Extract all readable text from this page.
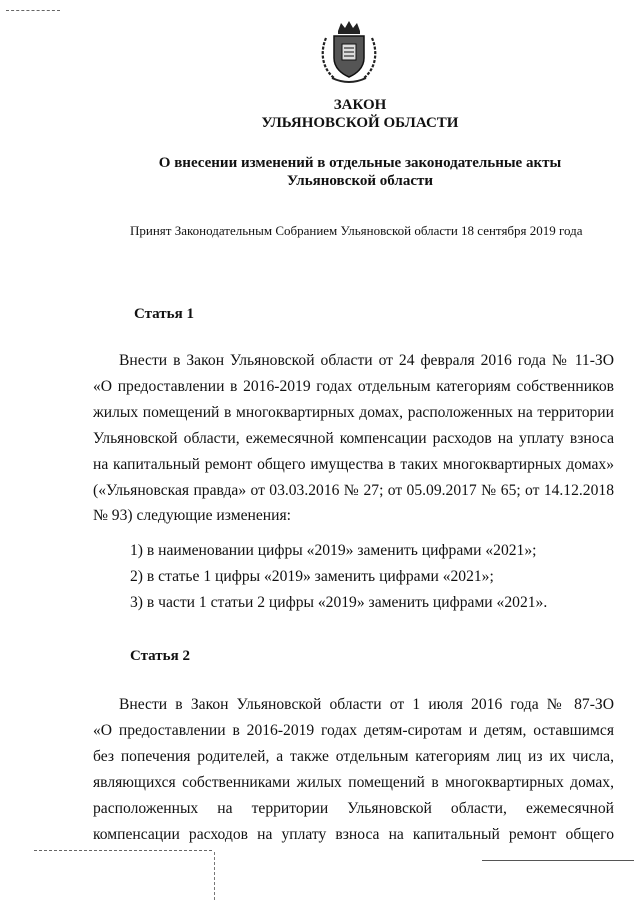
ЗАКОН
УЛЬЯНОВСКОЙ ОБЛАСТИ
О внесении изменений в отдельные законодательные акты
Ульяновской области
Принят Законодательным Собранием Ульяновской области 18 сентября 2019 года
Статья 1
Внести в Закон Ульяновской области от 24 февраля 2016 года № 11-ЗО
«О предоставлении в 2016-2019 годах отдельным категориям собственников
жилых помещений в многоквартирных домах, расположенных на территории
Ульяновской области, ежемесячной компенсации расходов на уплату взноса
на капитальный ремонт общего имущества в таких многоквартирных домах»
(«Ульяновская правда» от 03.03.2016 № 27; от 05.09.2017 № 65; от 14.12.2018
№ 93) следующие изменения:
1) в наименовании цифры «2019» заменить цифрами «2021»;
2) в статье 1 цифры «2019» заменить цифрами «2021»;
3) в части 1 статьи 2 цифры «2019» заменить цифрами «2021».
Статья 2
Внести в Закон Ульяновской области от 1 июля 2016 года № 87-ЗО
«О предоставлении в 2016-2019 годах детям-сиротам и детям, оставшимся
без попечения родителей, а также отдельным категориям лиц из их числа,
являющихся собственниками жилых помещений в многоквартирных домах,
расположенных на территории Ульяновской области, ежемесячной
компенсации расходов на уплату взноса на капитальный ремонт общего
